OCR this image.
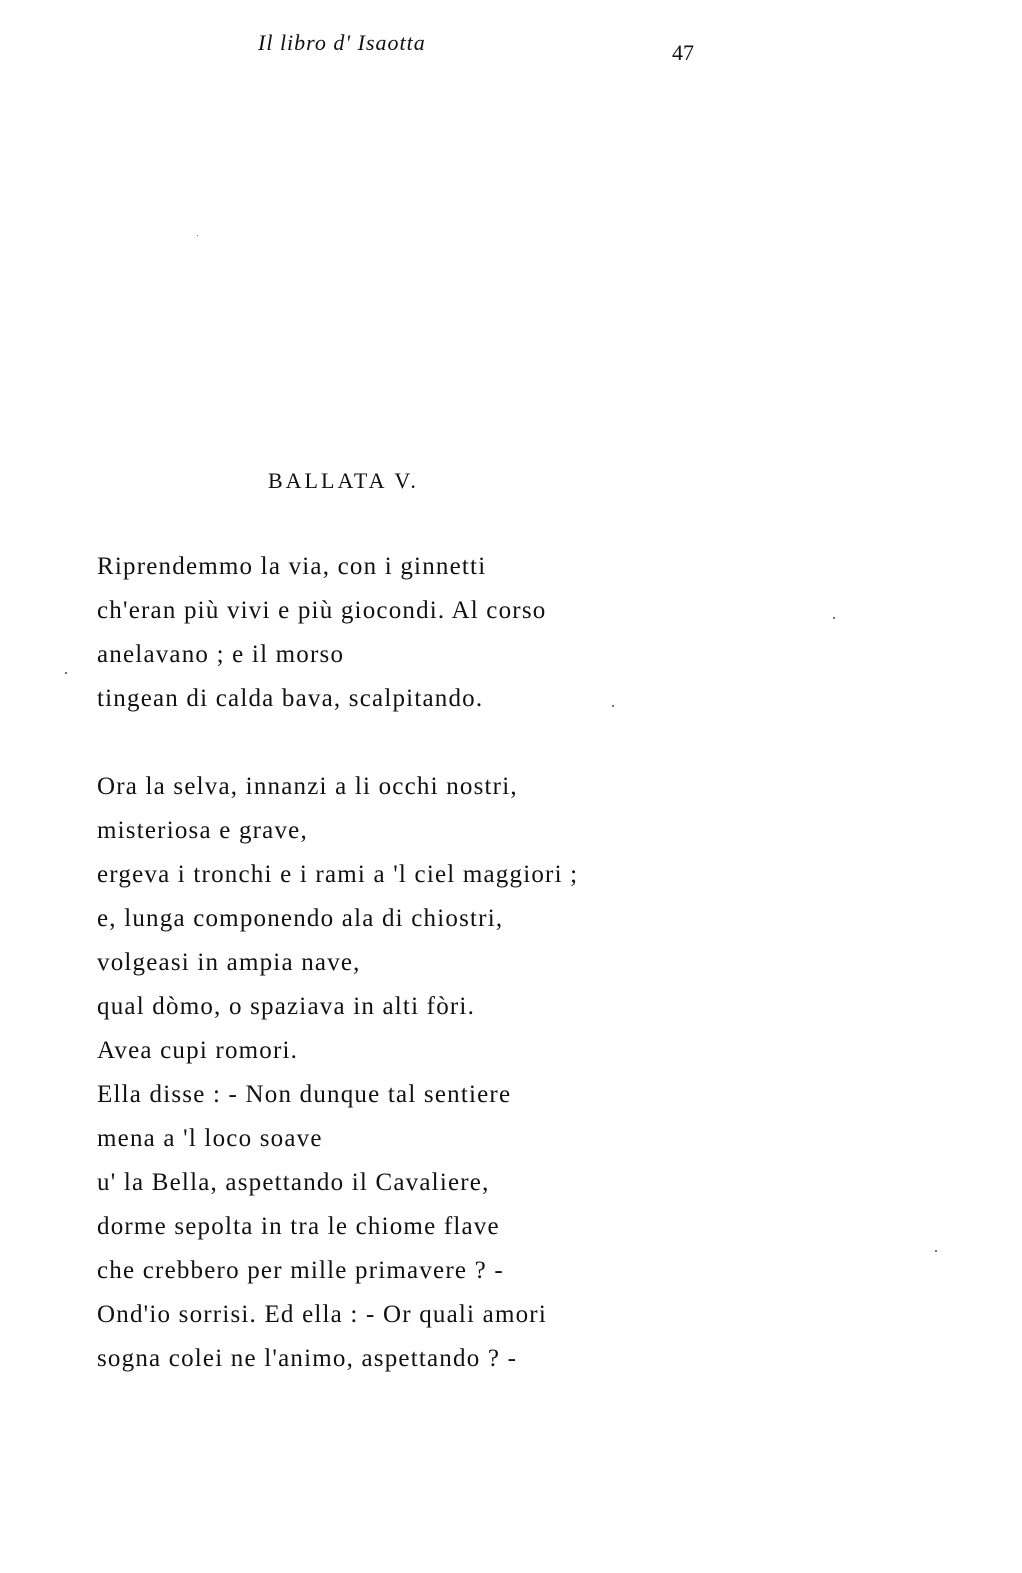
Il libro d' Isaotta	47
BALLATA V.
Riprendemmo la via, con i ginnetti
ch'eran più vivi e più giocondi. Al corso
anelavano ; e il morso
tingean di calda bava, scalpitando.
Ora la selva, innanzi a li occhi nostri,
misteriosa e grave,
ergeva i tronchi e i rami a 'l ciel maggiori ;
e, lunga componendo ala di chiostri,
volgeasi in ampia nave,
qual dòmo, o spaziava in alti fòri.
Avea cupi romori.
Ella disse : - Non dunque tal sentiere
mena a 'l loco soave
u' la Bella, aspettando il Cavaliere,
dorme sepolta in tra le chiome flave
che crebbero per mille primavere ? -
Ond'io sorrisi. Ed ella : - Or quali amori
sogna colei ne l'animo, aspettando ? -
